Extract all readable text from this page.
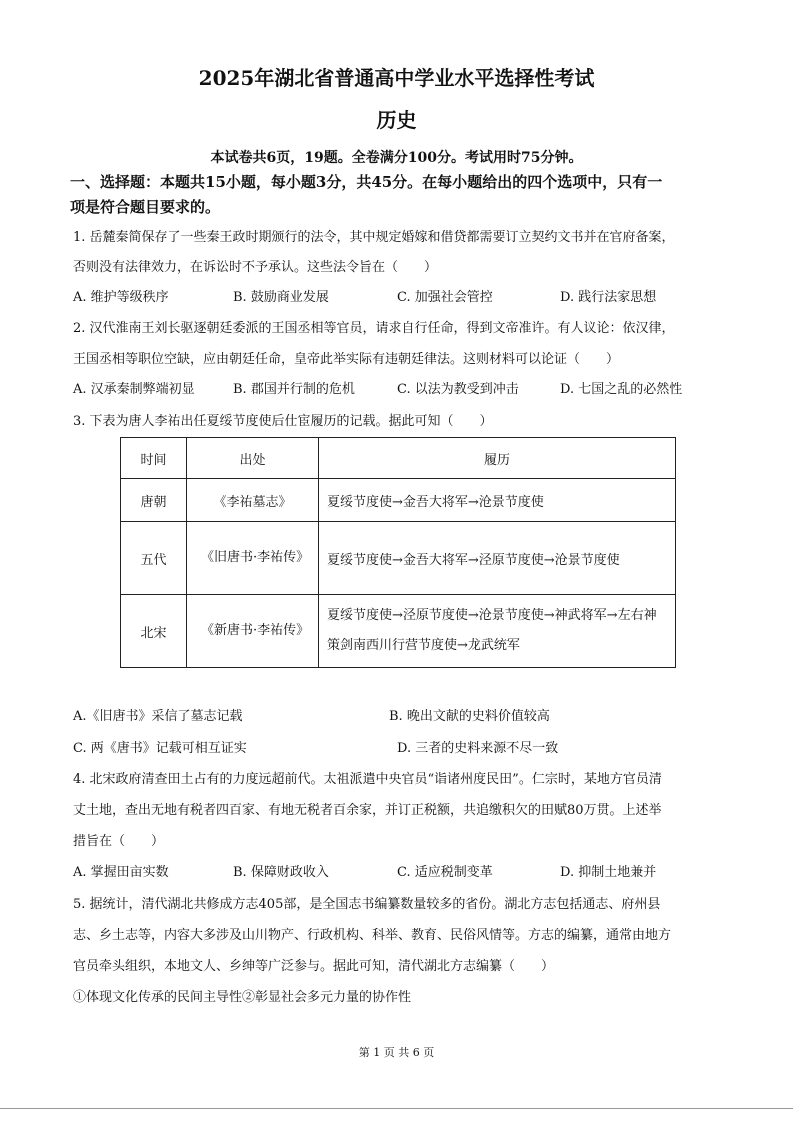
2025年湖北省普通高中学业水平选择性考试
历史
本试卷共6页，19题。全卷满分100分。考试用时75分钟。
一、选择题：本题共15小题，每小题3分，共45分。在每小题给出的四个选项中，只有一
项是符合题目要求的。
1. 岳麓秦简保存了一些秦王政时期颁行的法令，其中规定婚嫁和借贷都需要订立契约文书并在官府备案，
否则没有法律效力，在诉讼时不予承认。这些法令旨在（　　）
A. 维护等级秩序	B. 鼓励商业发展	C. 加强社会管控	D. 践行法家思想
2. 汉代淮南王刘长驱逐朝廷委派的王国丞相等官员，请求自行任命，得到文帝准许。有人议论：依汉律，
王国丞相等职位空缺，应由朝廷任命，皇帝此举实际有违朝廷律法。这则材料可以论证（　　）
A. 汉承秦制弊端初显	B. 郡国并行制的危机	C. 以法为教受到冲击	D. 七国之乱的必然性
3. 下表为唐人李祐出任夏绥节度使后仕宦履历的记载。据此可知（　　）
时间	出处	履历
唐朝	《李祐墓志》	夏绥节度使→金吾大将军→沧景节度使
五代	《旧唐书·李祐传》	夏绥节度使→金吾大将军→泾原节度使→沧景节度使
北宋	《新唐书·李祐传》	夏绥节度使→泾原节度使→沧景节度使→神武将军→左右神策剑南西川行营节度使→龙武统军
A.《旧唐书》采信了墓志记载	B. 晚出文献的史料价值较高
C. 两《唐书》记载可相互证实	D. 三者的史料来源不尽一致
4. 北宋政府清查田土占有的力度远超前代。太祖派遣中央官员“诣诸州度民田”。仁宗时，某地方官员清
丈土地，查出无地有税者四百家、有地无税者百余家，并订正税额，共追缴积欠的田赋80万贯。上述举
措旨在（　　）
A. 掌握田亩实数	B. 保障财政收入	C. 适应税制变革	D. 抑制土地兼并
5. 据统计，清代湖北共修成方志405部，是全国志书编纂数量较多的省份。湖北方志包括通志、府州县
志、乡土志等，内容大多涉及山川物产、行政机构、科举、教育、民俗风情等。方志的编纂，通常由地方
官员牵头组织，本地文人、乡绅等广泛参与。据此可知，清代湖北方志编纂（　　）
①体现文化传承的民间主导性②彰显社会多元力量的协作性
第 1 页 共 6 页
